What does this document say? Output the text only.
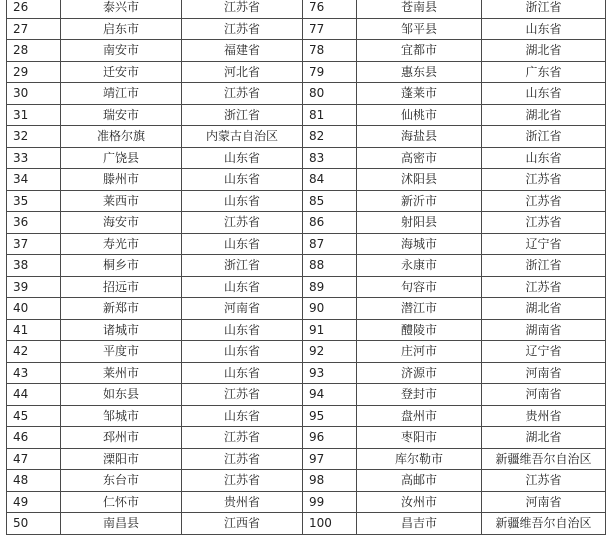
26	泰兴市	江苏省	76	苍南县	浙江省
27	启东市	江苏省	77	邹平县	山东省
28	南安市	福建省	78	宜都市	湖北省
29	迁安市	河北省	79	惠东县	广东省
30	靖江市	江苏省	80	蓬莱市	山东省
31	瑞安市	浙江省	81	仙桃市	湖北省
32	准格尔旗	内蒙古自治区	82	海盐县	浙江省
33	广饶县	山东省	83	高密市	山东省
34	滕州市	山东省	84	沭阳县	江苏省
35	莱西市	山东省	85	新沂市	江苏省
36	海安市	江苏省	86	射阳县	江苏省
37	寿光市	山东省	87	海城市	辽宁省
38	桐乡市	浙江省	88	永康市	浙江省
39	招远市	山东省	89	句容市	江苏省
40	新郑市	河南省	90	潜江市	湖北省
41	诸城市	山东省	91	醴陵市	湖南省
42	平度市	山东省	92	庄河市	辽宁省
43	莱州市	山东省	93	济源市	河南省
44	如东县	江苏省	94	登封市	河南省
45	邹城市	山东省	95	盘州市	贵州省
46	邳州市	江苏省	96	枣阳市	湖北省
47	溧阳市	江苏省	97	库尔勒市	新疆维吾尔自治区
48	东台市	江苏省	98	高邮市	江苏省
49	仁怀市	贵州省	99	汝州市	河南省
50	南昌县	江西省	100	昌吉市	新疆维吾尔自治区
